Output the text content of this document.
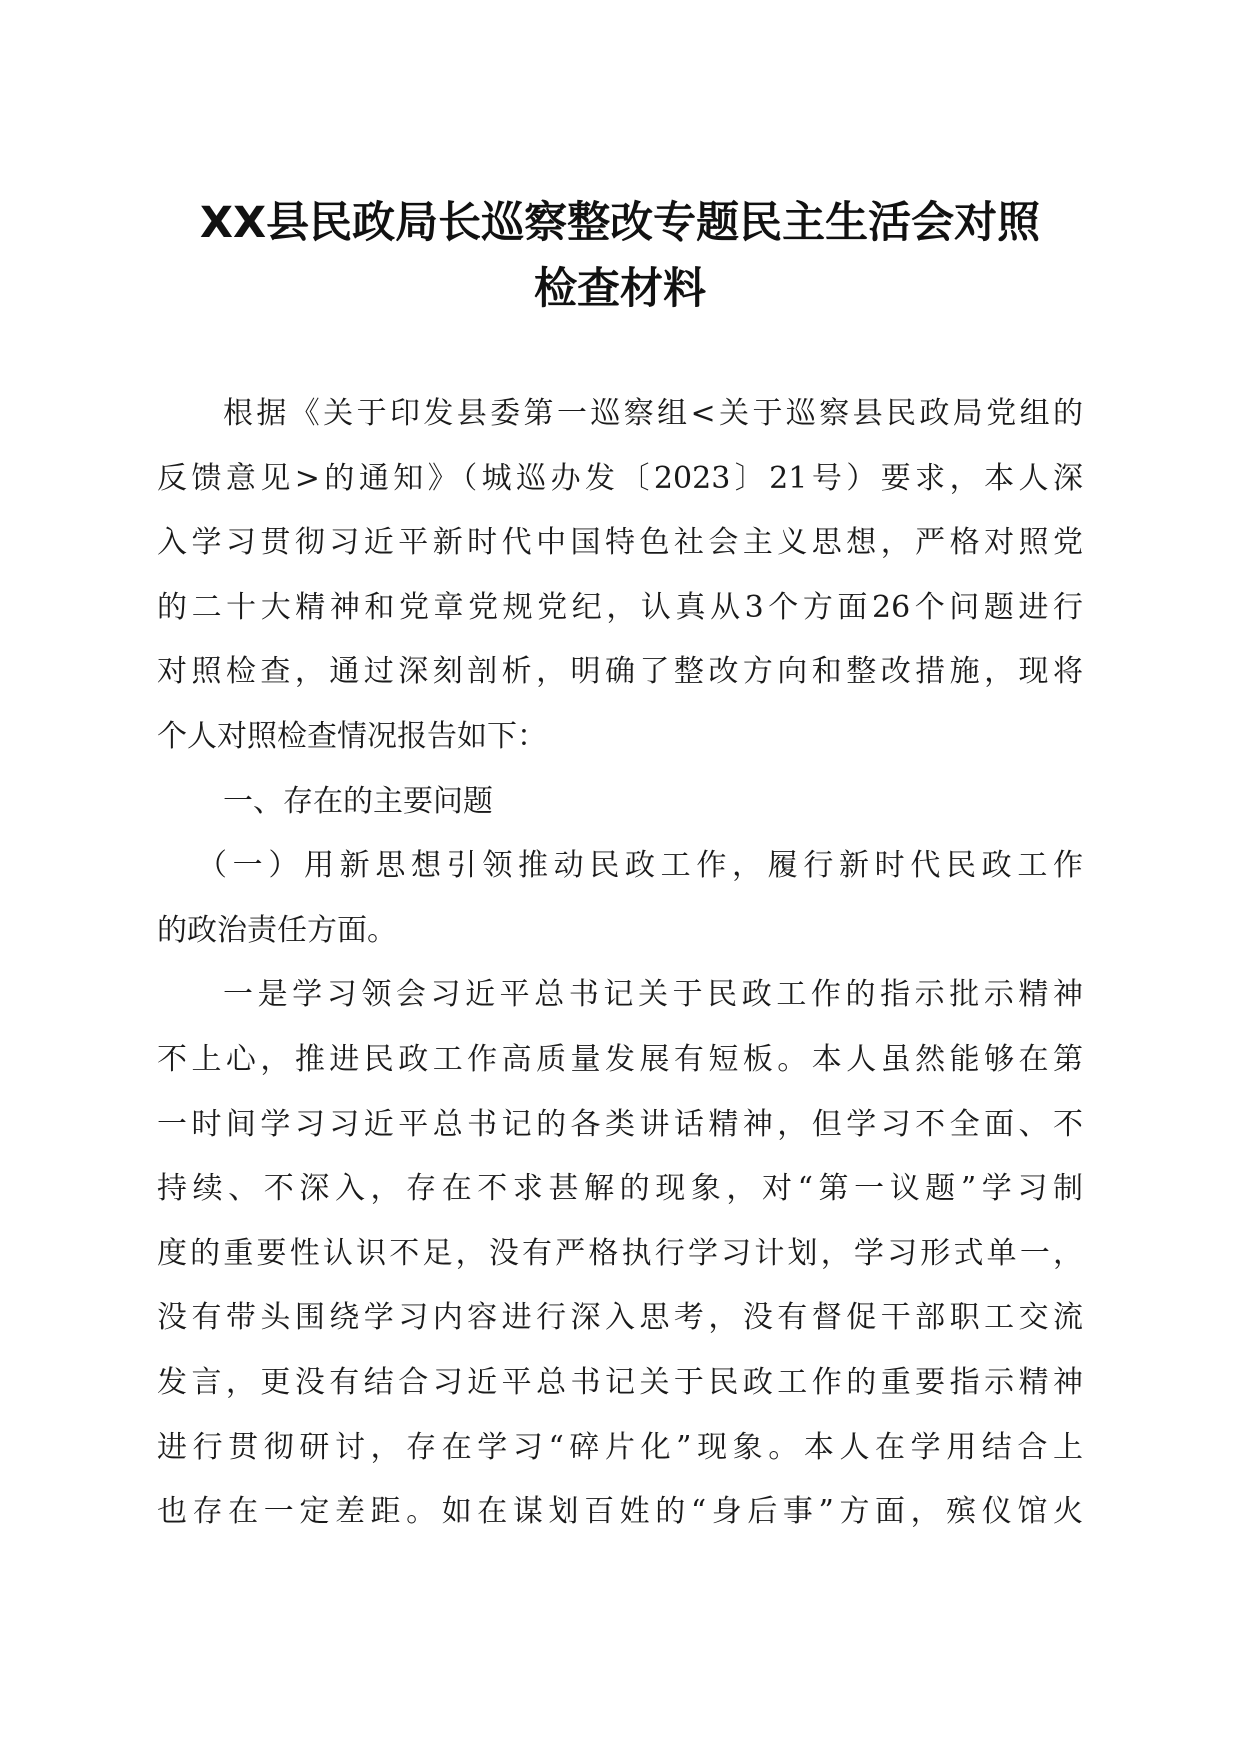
XX县民政局长巡察整改专题民主生活会对照
检查材料
根据《关于印发县委第一巡察组<关于巡察县民政局党组的
反馈意见>的通知》（城巡办发〔2023〕21号）要求，本人深
入学习贯彻习近平新时代中国特色社会主义思想，严格对照党
的二十大精神和党章党规党纪，认真从3个方面26个问题进行
对照检查，通过深刻剖析，明确了整改方向和整改措施，现将
个人对照检查情况报告如下：
一、存在的主要问题
（一）用新思想引领推动民政工作，履行新时代民政工作
的政治责任方面。
一是学习领会习近平总书记关于民政工作的指示批示精神
不上心，推进民政工作高质量发展有短板。本人虽然能够在第
一时间学习习近平总书记的各类讲话精神，但学习不全面、不
持续、不深入，存在不求甚解的现象，对“第一议题”学习制
度的重要性认识不足，没有严格执行学习计划，学习形式单一，
没有带头围绕学习内容进行深入思考，没有督促干部职工交流
发言，更没有结合习近平总书记关于民政工作的重要指示精神
进行贯彻研讨，存在学习“碎片化”现象。本人在学用结合上
也存在一定差距。如在谋划百姓的“身后事”方面，殡仪馆火
